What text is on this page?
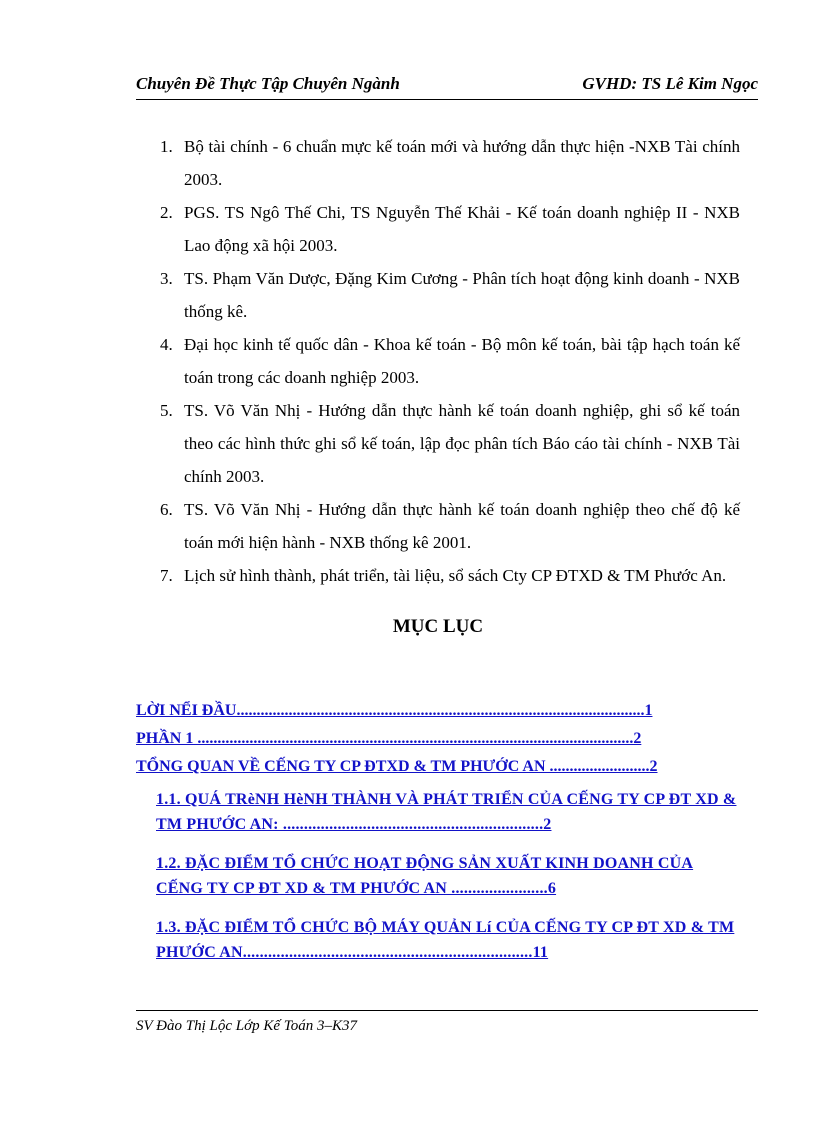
Chuyên Đề Thực Tập Chuyên Ngành	GVHD: TS Lê Kim Ngọc
1. Bộ tài chính - 6 chuẩn mực kế toán mới và hướng dẫn thực hiện -NXB Tài chính 2003.
2. PGS. TS Ngô Thế Chi, TS Nguyễn Thế Khải - Kế toán doanh nghiệp II - NXB Lao động xã hội 2003.
3. TS. Phạm Văn Dược, Đặng Kim Cương - Phân tích hoạt động kinh doanh - NXB thống kê.
4. Đại học kinh tế quốc dân - Khoa kế toán - Bộ môn kế toán, bài tập hạch toán kế toán trong các doanh nghiệp 2003.
5. TS. Võ Văn Nhị - Hướng dẫn thực hành kế toán doanh nghiệp, ghi sổ kế toán theo các hình thức ghi sổ kế toán, lập đọc phân tích Báo cáo tài chính - NXB Tài chính 2003.
6. TS. Võ Văn Nhị - Hướng dẫn thực hành kế toán doanh nghiệp theo chế độ kế toán mới hiện hành - NXB thống kê 2001.
7. Lịch sử hình thành, phát triển, tài liệu, sổ sách Cty CP ĐTXD & TM Phước An.
MỤC LỤC
LỜI NỂI ĐẦU......................................................................................................1
PHẦN 1 .............................................................................................................2
TỔNG QUAN VỀ CẾNG TY CP ĐTXD & TM PHƯỚC AN .........................2
1.1. QUÁ TRèNH HèNH THÀNH VÀ PHÁT TRIỂN CỦA CẾNG TY CP ĐT XD & TM PHƯỚC AN: ..............................................................2
1.2. ĐẶC ĐIỂM TỔ CHỨC HOẠT ĐỘNG SẢN XUẤT KINH DOANH CỦA CẾNG TY CP ĐT XD & TM PHƯỚC AN .......................6
1.3. ĐẶC ĐIỂM TỔ CHỨC BỘ MÁY QUẢN Lí CỦA CẾNG TY CP ĐT XD & TM PHƯỚC AN.....................................................................11
SV Đào Thị Lộc Lớp Kế Toán 3–K37
